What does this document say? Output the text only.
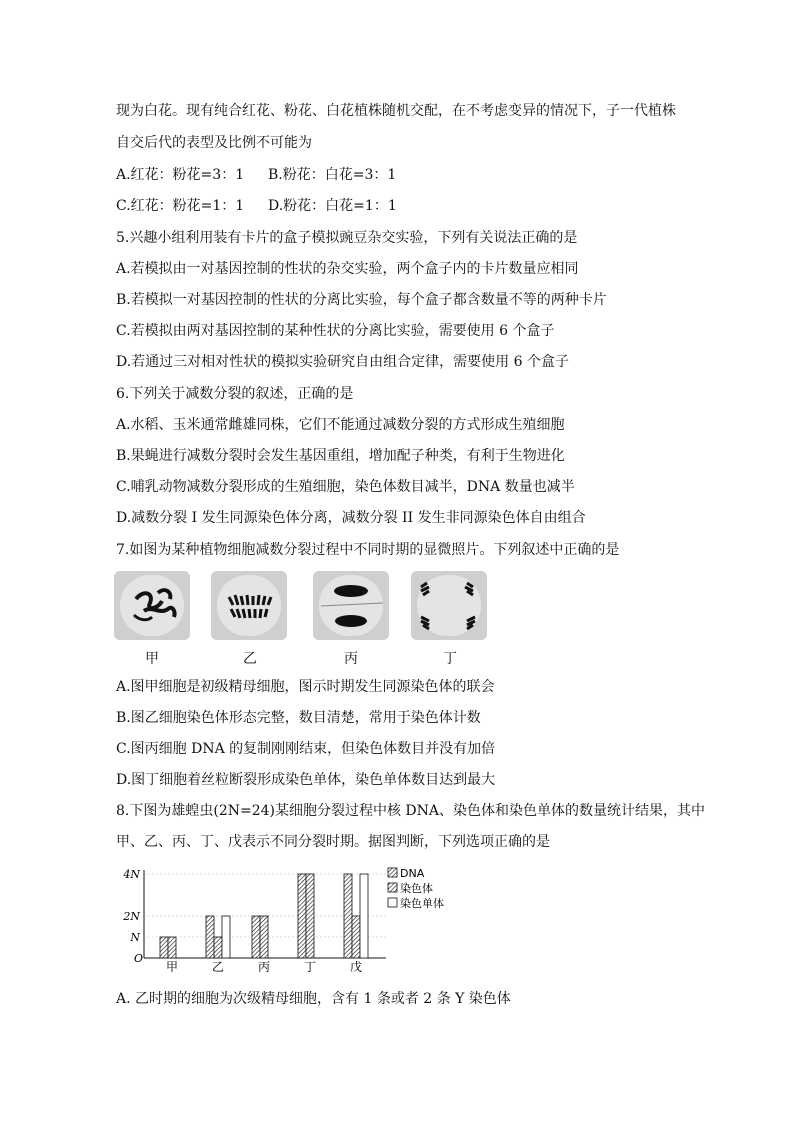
现为白花。现有纯合红花、粉花、白花植株随机交配，在不考虑变异的情况下，子一代植株
自交后代的表型及比例不可能为
A.红花：粉花=3：1 B.粉花：白花=3：1
C.红花：粉花=1：1 D.粉花：白花=1：1
5.兴趣小组利用装有卡片的盒子模拟豌豆杂交实验，下列有关说法正确的是
A.若模拟由一对基因控制的性状的杂交实验，两个盒子内的卡片数量应相同
B.若模拟一对基因控制的性状的分离比实验，每个盒子都含数量不等的两种卡片
C.若模拟由两对基因控制的某种性状的分离比实验，需要使用 6 个盒子
D.若通过三对相对性状的模拟实验研究自由组合定律，需要使用 6 个盒子
6.下列关于减数分裂的叙述，正确的是
A.水稻、玉米通常雌雄同株，它们不能通过减数分裂的方式形成生殖细胞
B.果蝇进行减数分裂时会发生基因重组，增加配子种类，有利于生物进化
C.哺乳动物减数分裂形成的生殖细胞，染色体数目减半，DNA 数量也减半
D.减数分裂 I 发生同源染色体分离，减数分裂 II 发生非同源染色体自由组合
7.如图为某种植物细胞减数分裂过程中不同时期的显微照片。下列叙述中正确的是
甲	乙	丙	丁
A.图甲细胞是初级精母细胞，图示时期发生同源染色体的联会
B.图乙细胞染色体形态完整，数目清楚，常用于染色体计数
C.图丙细胞 DNA 的复制刚刚结束，但染色体数目并没有加倍
D.图丁细胞着丝粒断裂形成染色单体，染色单体数目达到最大
8.下图为雄蝗虫(2N=24)某细胞分裂过程中核 DNA、染色体和染色单体的数量统计结果，其中
甲、乙、丙、丁、戊表示不同分裂时期。据图判断，下列选项正确的是
N
2N
4N
O
甲	乙	丙	丁	戊
DNA
染色体
染色单体
A. 乙时期的细胞为次级精母细胞，含有 1 条或者 2 条 Y 染色体
